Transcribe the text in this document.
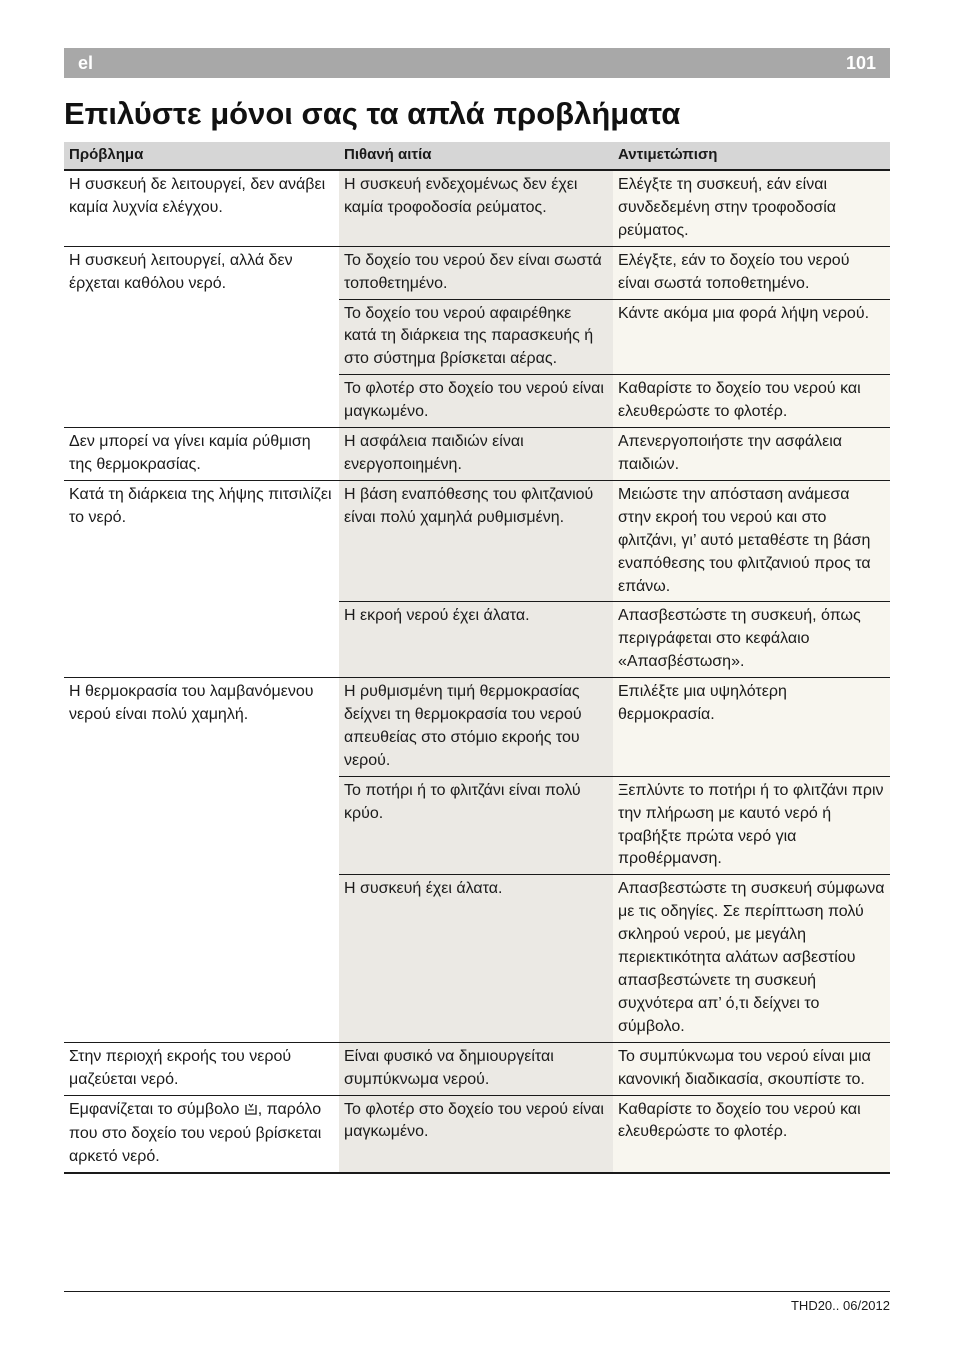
el	101
Επιλύστε μόνοι σας τα απλά προβλήματα
Πρόβλημα	Πιθανή αιτία	Αντιμετώπιση
Η συσκευή δε λειτουργεί, δεν ανάβει καμία λυχνία ελέγχου.	Η συσκευή ενδεχομένως δεν έχει καμία τροφοδοσία ρεύματος.	Ελέγξτε τη συσκευή, εάν είναι συνδεδεμένη στην τροφοδοσία ρεύματος.
Η συσκευή λειτουργεί, αλλά δεν έρχεται καθόλου νερό.	Το δοχείο του νερού δεν είναι σωστά τοποθετημένο.	Ελέγξτε, εάν το δοχείο του νερού είναι σωστά τοποθετημένο.
	Το δοχείο του νερού αφαιρέθηκε κατά τη διάρκεια της παρασκευής ή στο σύστημα βρίσκεται αέρας.	Κάντε ακόμα μια φορά λήψη νερού.
	Το φλοτέρ στο δοχείο του νερού είναι μαγκωμένο.	Καθαρίστε το δοχείο του νερού και ελευθερώστε το φλοτέρ.
Δεν μπορεί να γίνει καμία ρύθμιση της θερμοκρασίας.	Η ασφάλεια παιδιών είναι ενεργοποιημένη.	Απενεργοποιήστε την ασφάλεια παιδιών.
Κατά τη διάρκεια της λήψης πιτσιλίζει το νερό.	Η βάση εναπόθεσης του φλιτζανιού είναι πολύ χαμηλά ρυθμισμένη.	Μειώστε την απόσταση ανάμεσα στην εκροή του νερού και στο φλιτζάνι, γι’ αυτό μεταθέστε τη βάση εναπόθεσης του φλιτζανιού προς τα επάνω.
	Η εκροή νερού έχει άλατα.	Απασβεστώστε τη συσκευή, όπως περιγράφεται στο κεφάλαιο «Απασβέστωση».
Η θερμοκρασία του λαμβανόμενου νερού είναι πολύ χαμηλή.	Η ρυθμισμένη τιμή θερμοκρασίας δείχνει τη θερμοκρασία του νερού απευθείας στο στόμιο εκροής του νερού.	Επιλέξτε μια υψηλότερη θερμοκρασία.
	Το ποτήρι ή το φλιτζάνι είναι πολύ κρύο.	Ξεπλύντε το ποτήρι ή το φλιτζάνι πριν την πλήρωση με καυτό νερό ή τραβήξτε πρώτα νερό για προθέρμανση.
	Η συσκευή έχει άλατα.	Απασβεστώστε τη συσκευή σύμφωνα με τις οδηγίες. Σε περίπτωση πολύ σκληρού νερού, με μεγάλη περιεκτικότητα αλάτων ασβεστίου απασβεστώνετε τη συσκευή συχνότερα απ’ ό,τι δείχνει το σύμβολο.
Στην περιοχή εκροής του νερού μαζεύεται νερό.	Είναι φυσικό να δημιουργείται συμπύκνωμα νερού.	Το συμπύκνωμα του νερού είναι μια κανονική διαδικασία, σκουπίστε το.
Εμφανίζεται το σύμβολο , παρόλο που στο δοχείο του νερού βρίσκεται αρκετό νερό.	Το φλοτέρ στο δοχείο του νερού είναι μαγκωμένο.	Καθαρίστε το δοχείο του νερού και ελευθερώστε το φλοτέρ.
THD20.. 06/2012
